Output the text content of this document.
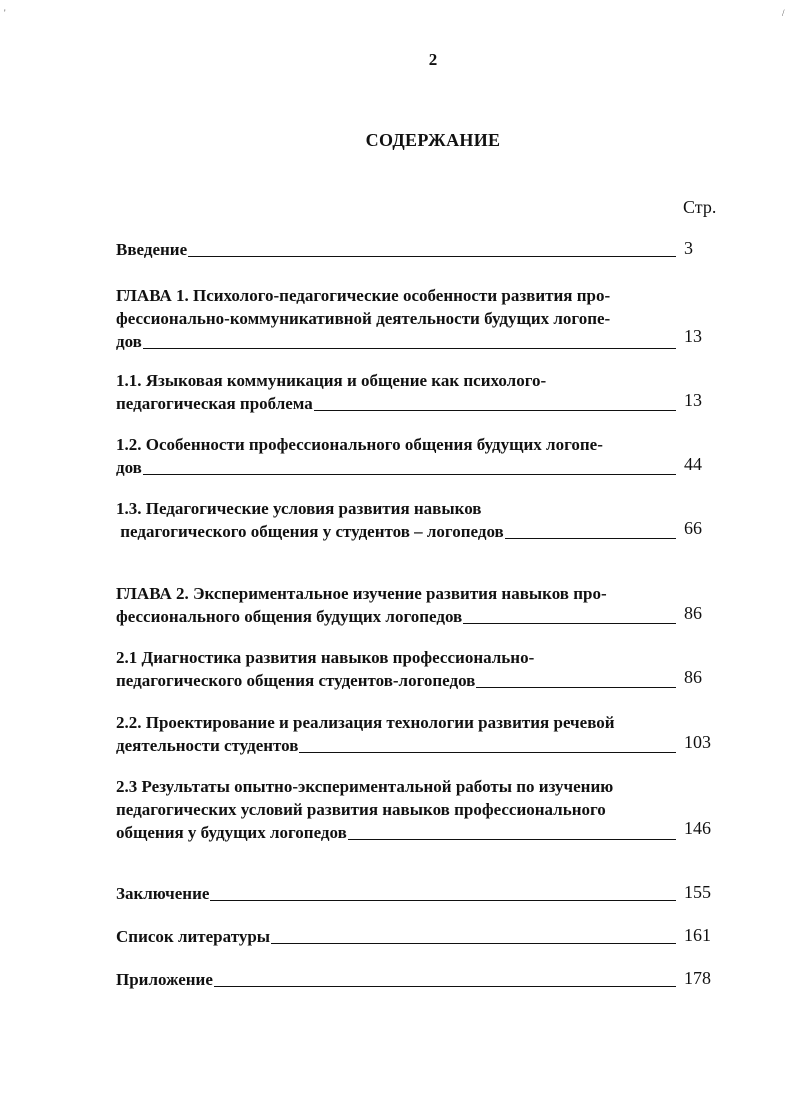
'	/
2
СОДЕРЖАНИЕ
Стр.
Введение	3
ГЛАВА 1. Психолого-педагогические особенности развития про-
фессионально-коммуникативной деятельности будущих логопе-
дов	13
1.1. Языковая коммуникация и общение как психолого-
педагогическая проблема	13
1.2. Особенности профессионального общения будущих логопе-
дов	44
1.3. Педагогические условия развития навыков
педагогического общения у студентов – логопедов	66
ГЛАВА 2. Экспериментальное изучение развития навыков про-
фессионального общения будущих логопедов	86
2.1 Диагностика развития навыков профессионально-
педагогического общения студентов-логопедов	86
2.2. Проектирование и реализация технологии развития речевой
деятельности студентов	103
2.3 Результаты опытно-экспериментальной работы по изучению
педагогических условий развития навыков профессионального
общения у будущих логопедов	146
Заключение	155
Список литературы	161
Приложение	178
